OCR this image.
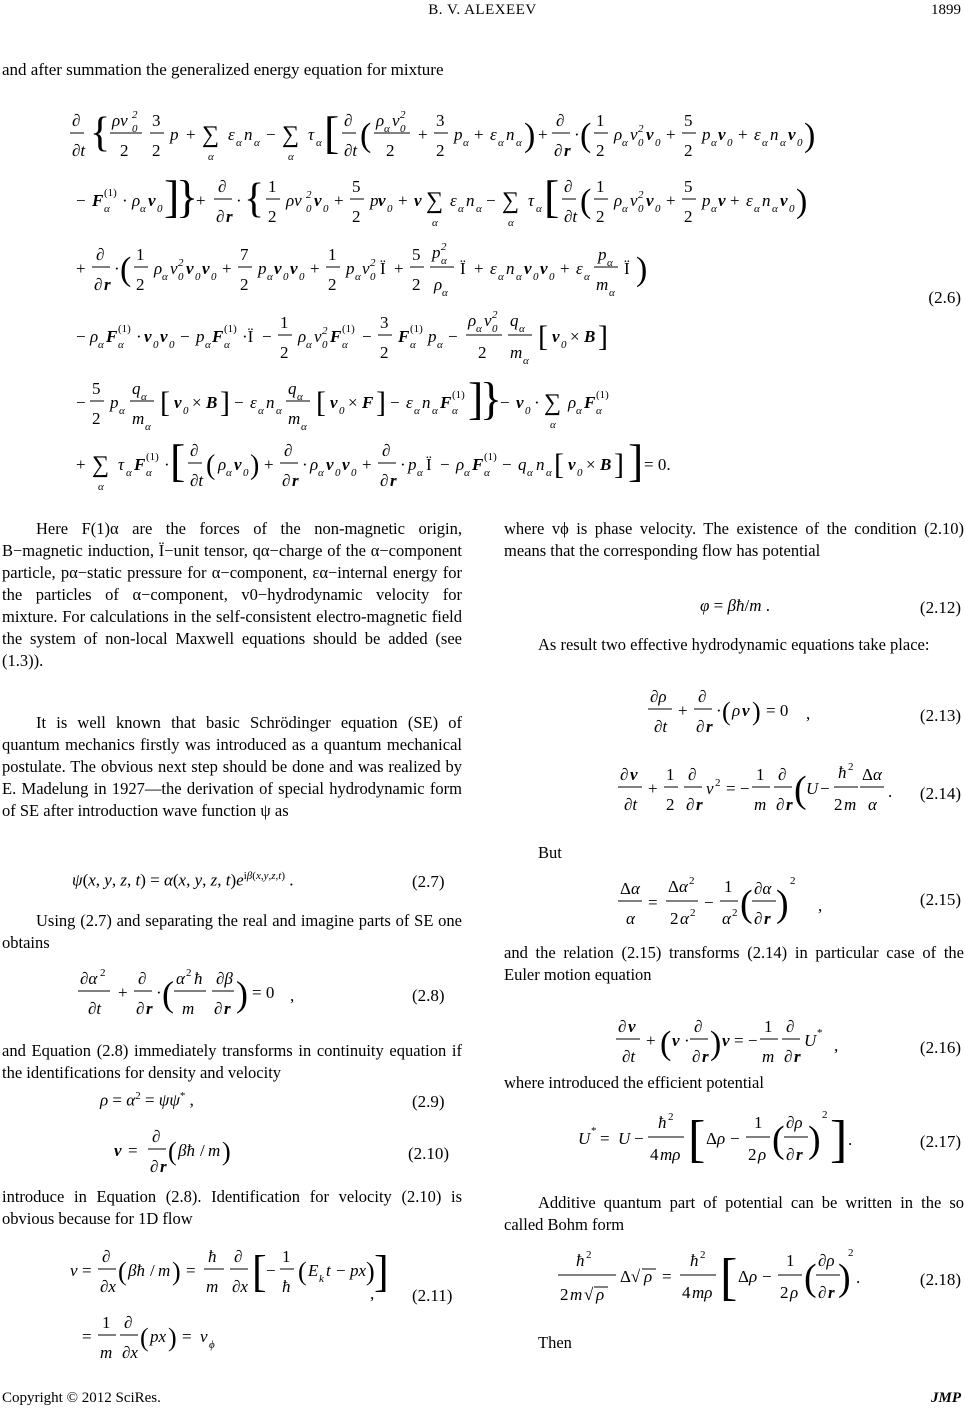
B. V. ALEXEEV	1899
and after summation the generalized energy equation for mixture
∂
∂t { ρv 0
2
2
3
2
p + ∑
α
ε α n α − ∑
α
τ α [ ∂
∂t ( ρ α v 0
2
2
+
3
2
p α + ε α n α ) +
∂
∂ r
· ( 1
2
ρ α v 0
2 v 0 +
5
2
p α v 0 + ε α n α v 0 )
− F (1)
α · ρ α v 0 ]
}
+
∂
∂ r
· { 1
2
ρv 0
2 v 0 +
5
2
p v 0 + v ∑
α
ε α n α − ∑
α
τ α [ ∂
∂t ( 1
2
ρ α v 0
2 v 0 +
5
2
p α v + ε α n α v 0 )
+
∂
∂ r
· ( 1
2
ρ α v 0
2 v 0 v 0 +
7
2
p α v 0 v 0 +
1
2
p α v 0
2 Ï +
5
2
p 2
α
ρ α
Ï + ε α n α v 0 v 0 + ε α
p α
m α
Ï )
− ρ α F (1)
α · v 0 v 0 − p α F (1)
α ·Ï −
1
2
ρ α v 0
2 F (1)
α −
3
2
F (1)
α p α −
ρ α v 0
2
2
q α
m α
[ v 0 × B ]
−
5
2
p α
q α
m α
[ v 0 × B ] − ε α n α
q α
m α
[ v 0 × F ] − ε α n α F (1)
α ]
}
− v 0 · ∑
α
ρ α F (1)
α
+ ∑
α
τ α F (1)
α · [ ∂
∂t ( ρ α v 0 ) +
∂
∂ r
· ρ α v 0 v 0 +
∂
∂ r
· p α Ï − ρ α F (1)
α − q α n α [ v 0 × B ] ] = 0.
(2.6)

Here F(1)α are the forces of the non-magnetic origin, B−magnetic induction, Ï−unit tensor, qα−charge of the α−component particle, pα−static pressure for α−component, εα−internal energy for the particles of α−component, v0−hydrodynamic velocity for mixture. For calculations in the self-consistent electro-magnetic field the system of non-local Maxwell equations should be added (see (1.3)).

It is well known that basic Schrödinger equation (SE) of quantum mechanics firstly was introduced as a quantum mechanical postulate. The obvious next step should be done and was realized by E. Madelung in 1927—the derivation of special hydrodynamic form of SE after introduction wave function ψ as

ψ(x, y, z, t) = α(x, y, z, $t)e^{i\beta(x,y,z,t)}$ .	(2.7)

Using (2.7) and separating the real and imagine parts of SE one obtains

∂α 2
∂t
+
∂
∂ r
· ( α 2 ħ
m
∂β
∂ r ) = 0 ,	(2.8)

and Equation (2.8) immediately transforms in continuity equation if the identifications for density and velocity

$\rho = \alpha^2 = \psi\psi^*$ ,	(2.9)
v =
∂
∂ r
( βħ / m )	(2.10)

introduce in Equation (2.8). Identification for velocity (2.10) is obvious because for 1D flow

v =
∂
∂x
( βħ / m ) =
ħ
m
∂
∂x [ −
1
ħ
( E k t − px ) ]
=
1
m
∂
∂x
( px ) = v ϕ
, (2.11)

where vϕ is phase velocity. The existence of the condition (2.10) means that the corresponding flow has potential

φ = βħ/m .	(2.12)

As result two effective hydrodynamic equations take place:

∂ρ
∂t
+
∂
∂ r
· ( ρ v ) = 0 ,	(2.13)
∂ v
∂t
+
1
2
∂
∂ r
v 2 = −
1
m
∂
∂ r ( U −
ħ 2
2 m
Δ α
α
. (2.14)

But

Δ α
α
=
Δ α 2
2 α 2
−
1
α 2 ( ∂α
∂ r )
2
,	(2.15)

and the relation (2.15) transforms (2.14) in particular case of the Euler motion equation

∂ v
∂t
+ ( v ·
∂
∂ r ) v = −
1
m
∂
∂ r
U *
,	(2.16)

where introduced the efficient potential

U * = U −
ħ 2
4 mρ [ Δ ρ −
1
2 ρ ( ∂ρ
∂ r )
2 ] .	(2.17)

Additive quantum part of potential can be written in the so called Bohm form

ħ 2
2 m √ ρ
Δ√ ρ =
ħ 2
4 mρ [ Δ ρ −
1
2 ρ ( ∂ρ
∂ r )
2
.	(2.18)

Then

Copyright © 2012 SciRes.	JMP
